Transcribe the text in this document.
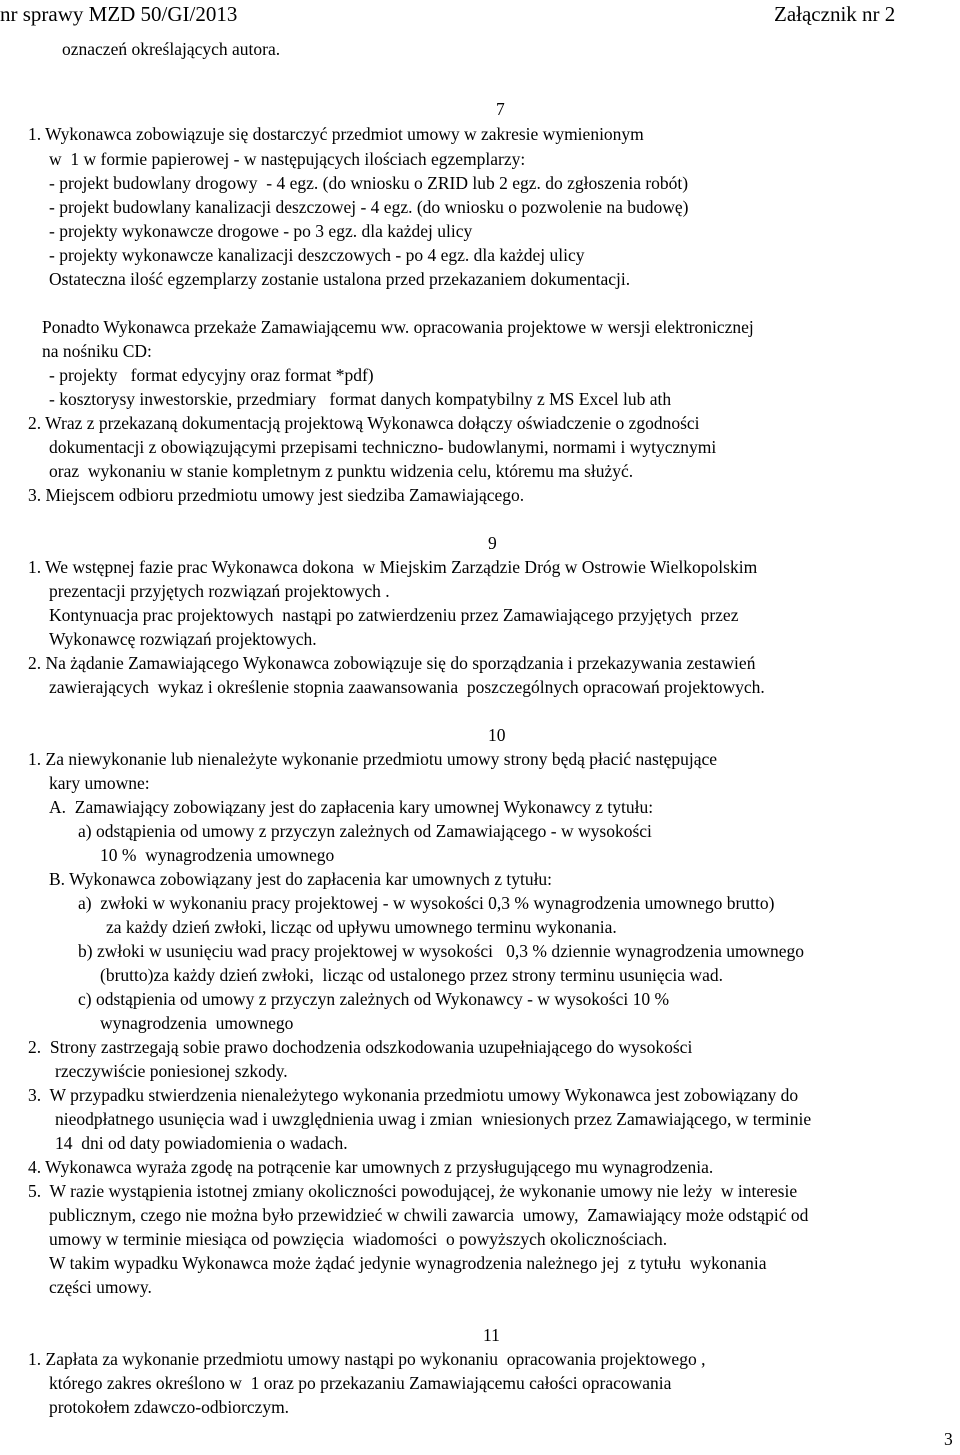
nr sprawy MZD 50/GI/2013	Załącznik nr 2
oznaczeń określających autora.
7
1. Wykonawca zobowiązuje się dostarczyć przedmiot umowy w zakresie wymienionym
w  1 w formie papierowej - w następujących ilościach egzemplarzy:
- projekt budowlany drogowy  - 4 egz. (do wniosku o ZRID lub 2 egz. do zgłoszenia robót)
- projekt budowlany kanalizacji deszczowej - 4 egz. (do wniosku o pozwolenie na budowę)
- projekty wykonawcze drogowe - po 3 egz. dla każdej ulicy
- projekty wykonawcze kanalizacji deszczowych - po 4 egz. dla każdej ulicy
Ostateczna ilość egzemplarzy zostanie ustalona przed przekazaniem dokumentacji.
Ponadto Wykonawca przekaże Zamawiającemu ww. opracowania projektowe w wersji elektronicznej
na nośniku CD:
- projekty   format edycyjny oraz format *pdf)
- kosztorysy inwestorskie, przedmiary   format danych kompatybilny z MS Excel lub ath
2. Wraz z przekazaną dokumentacją projektową Wykonawca dołączy oświadczenie o zgodności
dokumentacji z obowiązującymi przepisami techniczno- budowlanymi, normami i wytycznymi
oraz  wykonaniu w stanie kompletnym z punktu widzenia celu, któremu ma służyć.
3. Miejscem odbioru przedmiotu umowy jest siedziba Zamawiającego.
9
1. We wstępnej fazie prac Wykonawca dokona  w Miejskim Zarządzie Dróg w Ostrowie Wielkopolskim
prezentacji przyjętych rozwiązań projektowych .
Kontynuacja prac projektowych  nastąpi po zatwierdzeniu przez Zamawiającego przyjętych  przez
Wykonawcę rozwiązań projektowych.
2. Na żądanie Zamawiającego Wykonawca zobowiązuje się do sporządzania i przekazywania zestawień
zawierających  wykaz i określenie stopnia zaawansowania  poszczególnych opracowań projektowych.
10
1. Za niewykonanie lub nienależyte wykonanie przedmiotu umowy strony będą płacić następujące
kary umowne:
A.  Zamawiający zobowiązany jest do zapłacenia kary umownej Wykonawcy z tytułu:
a) odstąpienia od umowy z przyczyn zależnych od Zamawiającego - w wysokości
10 %  wynagrodzenia umownego
B. Wykonawca zobowiązany jest do zapłacenia kar umownych z tytułu:
a)  zwłoki w wykonaniu pracy projektowej - w wysokości 0,3 % wynagrodzenia umownego brutto)
za każdy dzień zwłoki, licząc od upływu umownego terminu wykonania.
b) zwłoki w usunięciu wad pracy projektowej w wysokości   0,3 % dziennie wynagrodzenia umownego
(brutto)za każdy dzień zwłoki,  licząc od ustalonego przez strony terminu usunięcia wad.
c) odstąpienia od umowy z przyczyn zależnych od Wykonawcy - w wysokości 10 %
wynagrodzenia  umownego
2.  Strony zastrzegają sobie prawo dochodzenia odszkodowania uzupełniającego do wysokości
rzeczywiście poniesionej szkody.
3.  W przypadku stwierdzenia nienależytego wykonania przedmiotu umowy Wykonawca jest zobowiązany do
nieodpłatnego usunięcia wad i uwzględnienia uwag i zmian  wniesionych przez Zamawiającego, w terminie
14  dni od daty powiadomienia o wadach.
4. Wykonawca wyraża zgodę na potrącenie kar umownych z przysługującego mu wynagrodzenia.
5.  W razie wystąpienia istotnej zmiany okoliczności powodującej, że wykonanie umowy nie leży  w interesie
publicznym, czego nie można było przewidzieć w chwili zawarcia  umowy,  Zamawiający może odstąpić od
umowy w terminie miesiąca od powzięcia  wiadomości  o powyższych okolicznościach.
W takim wypadku Wykonawca może żądać jedynie wynagrodzenia należnego jej  z tytułu  wykonania
części umowy.
11
1. Zapłata za wykonanie przedmiotu umowy nastąpi po wykonaniu  opracowania projektowego ,
którego zakres określono w  1 oraz po przekazaniu Zamawiającemu całości opracowania
protokołem zdawczo-odbiorczym.
3
